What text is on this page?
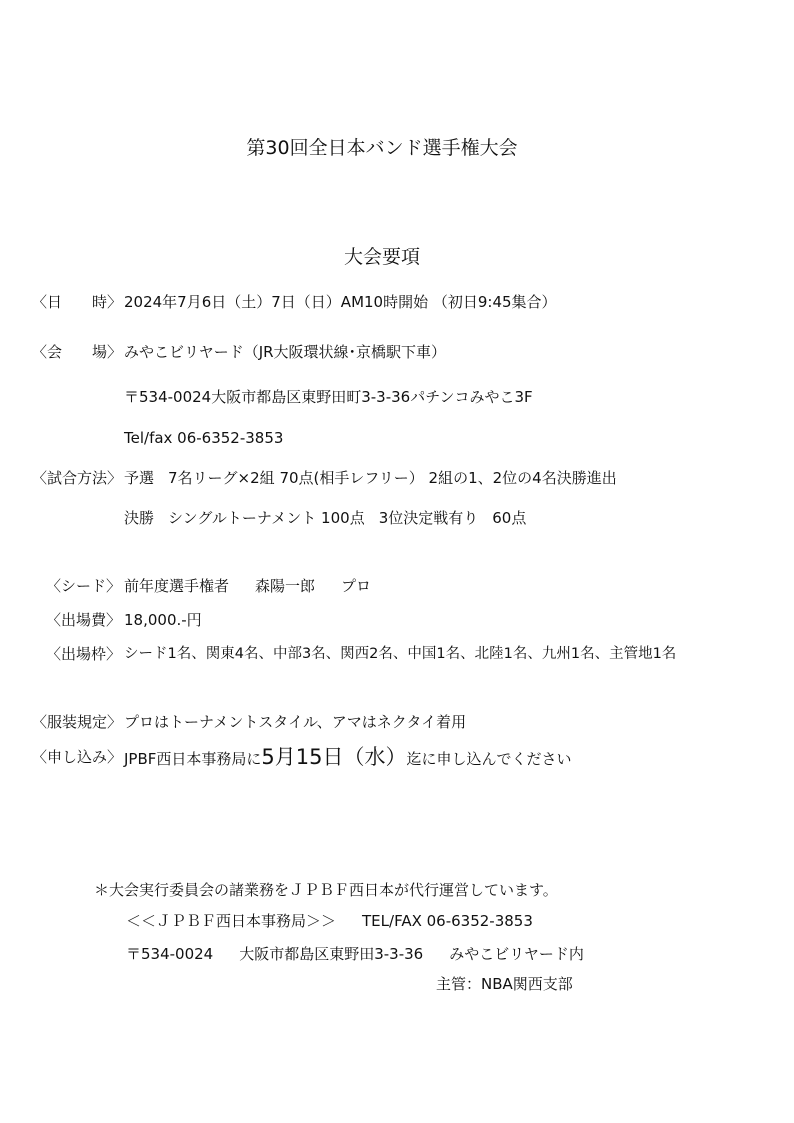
第30回全日本バンド選手権大会
大会要項
〈日 時〉 2024年7月6日（土）7日（日）AM10時開始 （初日9:45集合）
〈会 場〉 みやこビリヤード（JR大阪環状線･京橋駅下車）
〒534-0024大阪市都島区東野田町3-3-36パチンコみやこ3F
Tel/fax 06-6352-3853
〈試合方法〉 予選 7名リーグ×2組 70点(相手レフリー） 2組の1、2位の4名決勝進出
決勝 シングルトーナメント 100点 3位決定戦有り 60点
〈シード〉 前年度選手権者 森陽一郎 プロ
〈出場費〉 18,000.-円
〈出場枠〉 シード1名、関東4名、中部3名、関西2名、中国1名、北陸1名、九州1名、主管地1名
〈服装規定〉 プロはトーナメントスタイル、アマはネクタイ着用
〈申し込み〉 JPBF西日本事務局に5月15日（水）迄に申し込んでください
＊大会実行委員会の諸業務をＪＰＢＦ西日本が代行運営しています。
＜＜ＪＰＢＦ西日本事務局＞＞ TEL/FAX 06-6352-3853
〒534-0024 大阪市都島区東野田3-3-36 みやこビリヤード内
主管：NBA関西支部
